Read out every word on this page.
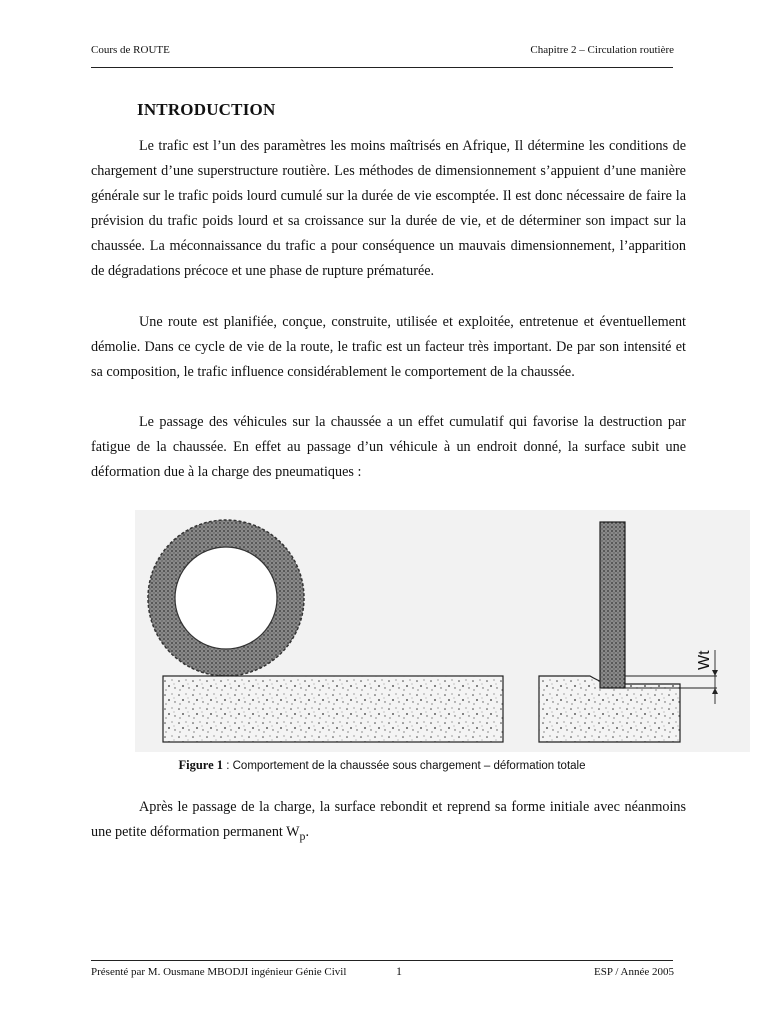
Cours de ROUTE	Chapitre 2 – Circulation routière
INTRODUCTION

Le trafic est l’un des paramètres les moins maîtrisés en Afrique, Il détermine les conditions de chargement d’une superstructure routière. Les méthodes de dimensionnement s’appuient d’une manière générale sur le trafic poids lourd cumulé sur la durée de vie escomptée. Il est donc nécessaire de faire la prévision du trafic poids lourd et sa croissance sur la durée de vie, et de déterminer son impact sur la chaussée. La méconnaissance du trafic a pour conséquence un mauvais dimensionnement, l’apparition de dégradations précoce et une phase de rupture prématurée.

Une route est planifiée, conçue, construite, utilisée et exploitée, entretenue et éventuellement démolie. Dans ce cycle de vie de la route, le trafic est un facteur très important. De par son intensité et sa composition, le trafic influence considérablement le comportement de la chaussée.

Le passage des véhicules sur la chaussée a un effet cumulatif qui favorise la destruction par fatigue de la chaussée. En effet au passage d’un véhicule à un endroit donné, la surface subit une déformation due à la charge des pneumatiques :

Wt
Figure 1 : Comportement de la chaussée sous chargement – déformation totale

Après le passage de la charge, la surface rebondit et reprend sa forme initiale avec néanmoins une petite déformation permanent $W_p$.

Présenté par M. Ousmane MBODJI ingénieur Génie Civil	1	ESP / Année 2005
